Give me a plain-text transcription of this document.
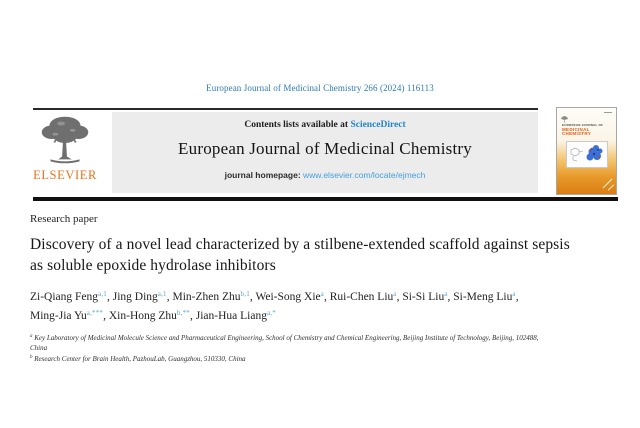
European Journal of Medicinal Chemistry 266 (2024) 116113
ELSEVIER
Contents lists available at ScienceDirect
European Journal of Medicinal Chemistry
journal homepage: www.elsevier.com/locate/ejmech
EUROPEAN JOURNAL OF
MEDICINAL
CHEMISTRY
Research paper
Discovery of a novel lead characterized by a stilbene-extended scaffold against sepsis as soluble epoxide hydrolase inhibitors
Zi-Qiang Feng$^{a,1}$, Jing Ding$^{a,1}$, Min-Zhen Zhu$^{b,1}$, Wei-Song Xie$^a$, Rui-Chen Liu$^a$, Si-Si Liu$^a$, Si-Meng Liu$^a$, Ming-Jia $Yu^{a,***}$, Xin-Hong Zhu$^{b,**}$, Jian-Hua Liang$^{a,*}$
$^a$ Key Laboratory of Medicinal Molecule Science and Pharmaceutical Engineering, School of Chemistry and Chemical Engineering, Beijing Institute of Technology, Beijing, 102488, China
$^b$ Research Center for Brain Health, PazhouLab, Guangzhou, 510330, China
